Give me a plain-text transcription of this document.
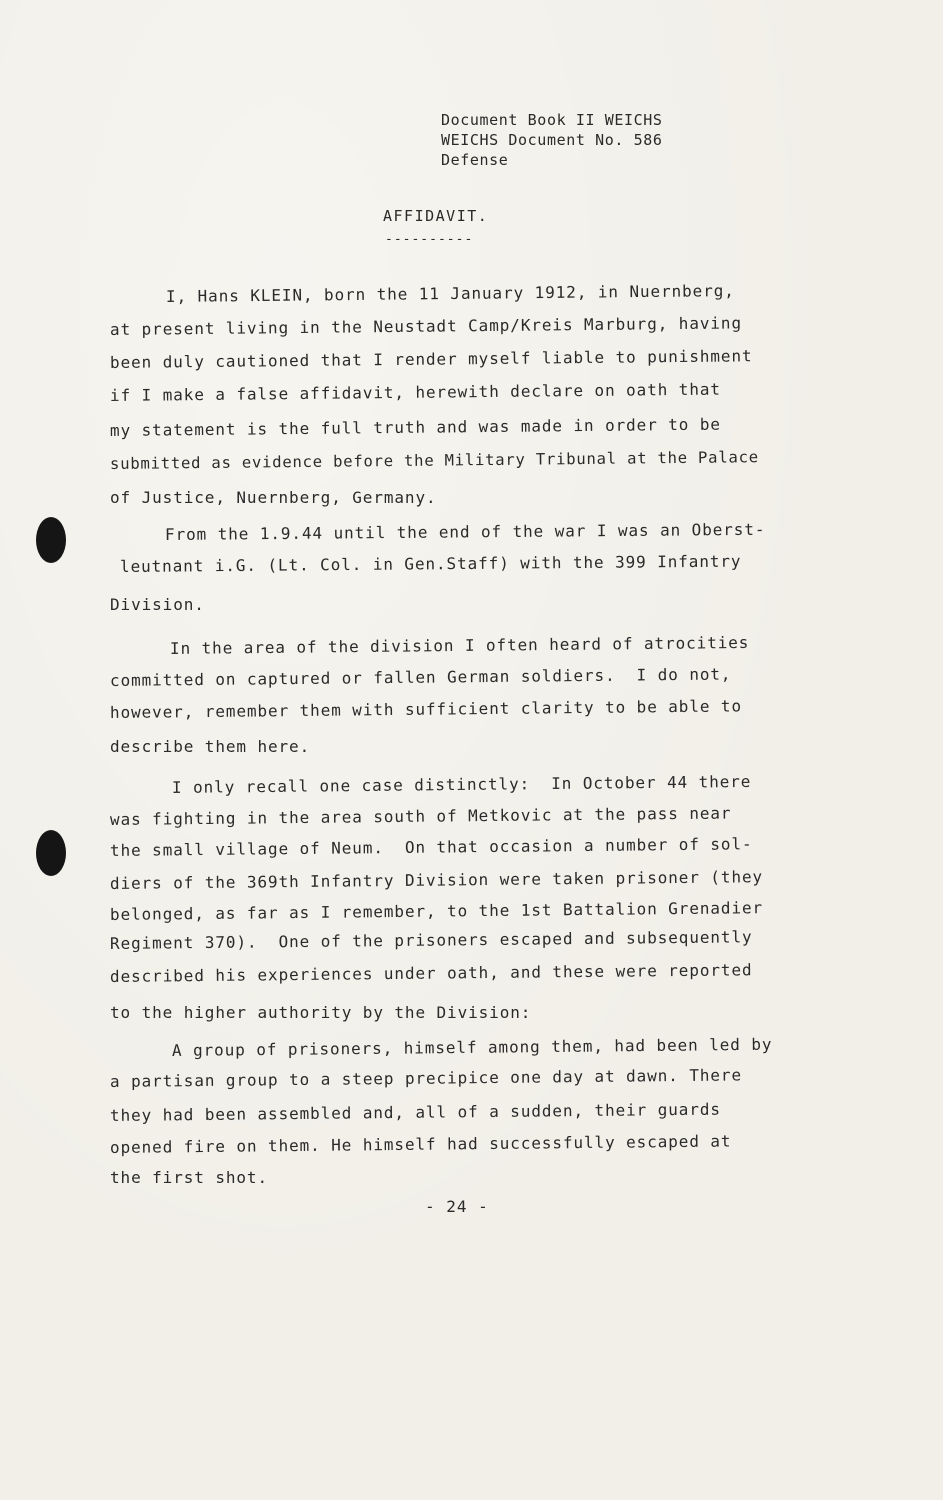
Document Book II WEICHS
WEICHS Document No. 586
Defense
AFFIDAVIT.
----------
I, Hans KLEIN, born the 11 January 1912, in Nuernberg,
at present living in the Neustadt Camp/Kreis Marburg, having
been duly cautioned that I render myself liable to punishment
if I make a false affidavit, herewith declare on oath that
my statement is the full truth and was made in order to be
submitted as evidence before the Military Tribunal at the Palace
of Justice, Nuernberg, Germany.
From the 1.9.44 until the end of the war I was an Oberst-
leutnant i.G. (Lt. Col. in Gen.Staff) with the 399 Infantry
Division.
In the area of the division I often heard of atrocities
committed on captured or fallen German soldiers.  I do not,
however, remember them with sufficient clarity to be able to
describe them here.
I only recall one case distinctly:  In October 44 there
was fighting in the area south of Metkovic at the pass near
the small village of Neum.  On that occasion a number of sol-
diers of the 369th Infantry Division were taken prisoner (they
belonged, as far as I remember, to the 1st Battalion Grenadier
Regiment 370).  One of the prisoners escaped and subsequently
described his experiences under oath, and these were reported
to the higher authority by the Division:
A group of prisoners, himself among them, had been led by
a partisan group to a steep precipice one day at dawn. There
they had been assembled and, all of a sudden, their guards
opened fire on them. He himself had successfully escaped at
the first shot.
- 24 -
